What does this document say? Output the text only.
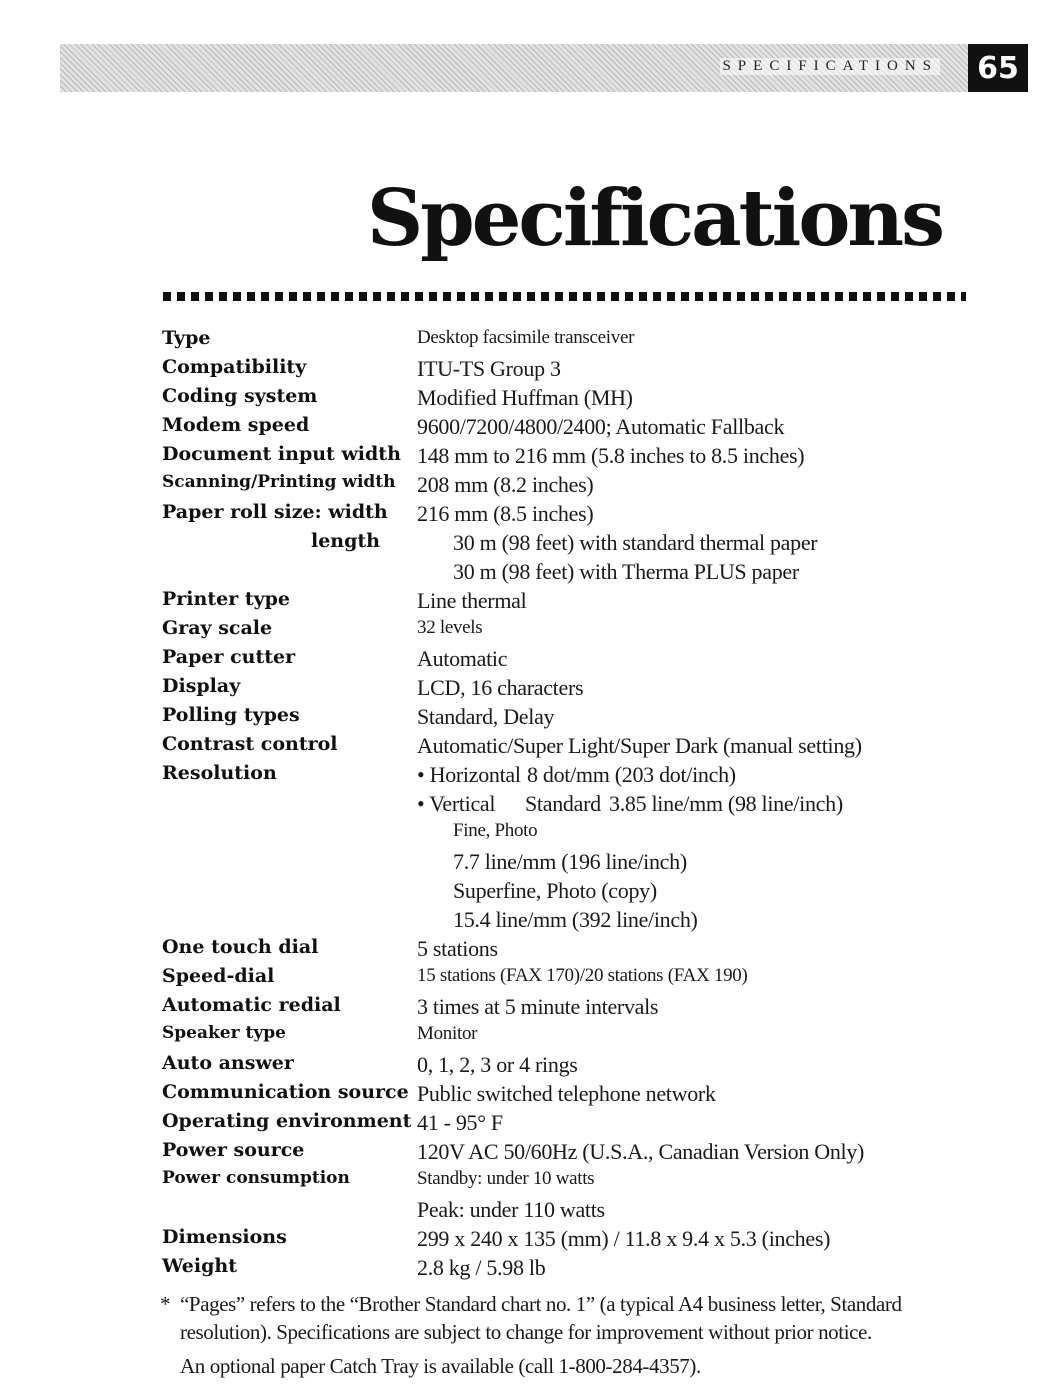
SPECIFICATIONS	65
Specifications
Type	Desktop facsimile transceiver
Compatibility	ITU-TS Group 3
Coding system	Modified Huffman (MH)
Modem speed	9600/7200/4800/2400; Automatic Fallback
Document input width 148 mm to 216 mm (5.8 inches to 8.5 inches)
Scanning/Printing width 208 mm (8.2 inches)
Paper roll size: width 216 mm (8.5 inches)
length	30 m (98 feet) with standard thermal paper
30 m (98 feet) with Therma PLUS paper
Printer type	Line thermal
Gray scale	32 levels
Paper cutter	Automatic
Display	LCD, 16 characters
Polling types	Standard, Delay
Contrast control	Automatic/Super Light/Super Dark (manual setting)
Resolution	• Horizontal 8 dot/mm (203 dot/inch)
• Vertical Standard 3.85 line/mm (98 line/inch)
Fine, Photo
7.7 line/mm (196 line/inch)
Superfine, Photo (copy)
15.4 line/mm (392 line/inch)
One touch dial	5 stations
Speed-dial	15 stations (FAX 170)/20 stations (FAX 190)
Automatic redial	3 times at 5 minute intervals
Speaker type	Monitor
Auto answer	0, 1, 2, 3 or 4 rings
Communication source Public switched telephone network
Operating environment 41 - 95° F
Power source	120V AC 50/60Hz (U.S.A., Canadian Version Only)
Power consumption	Standby: under 10 watts
Peak: under 110 watts
Dimensions	299 x 240 x 135 (mm) / 11.8 x 9.4 x 5.3 (inches)
Weight	2.8 kg / 5.98 lb
* “Pages” refers to the “Brother Standard chart no. 1” (a typical A4 business letter, Standard resolution). Specifications are subject to change for improvement without prior notice.
An optional paper Catch Tray is available (call 1-800-284-4357).
